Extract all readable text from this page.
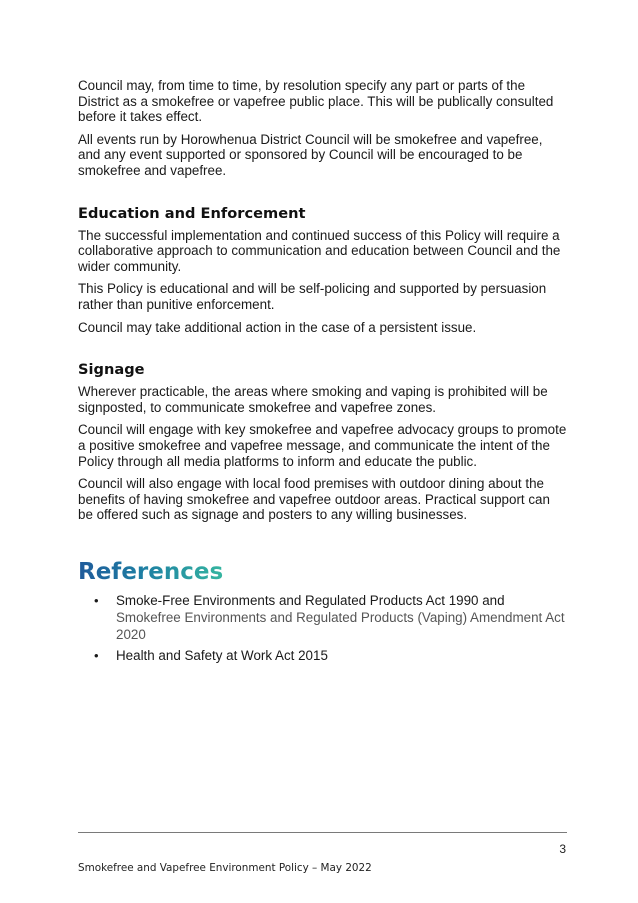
Council may, from time to time, by resolution specify any part or parts of the District as a smokefree or vapefree public place. This will be publically consulted before it takes effect.

All events run by Horowhenua District Council will be smokefree and vapefree, and any event supported or sponsored by Council will be encouraged to be smokefree and vapefree.

Education and Enforcement

The successful implementation and continued success of this Policy will require a collaborative approach to communication and education between Council and the wider community.

This Policy is educational and will be self-policing and supported by persuasion rather than punitive enforcement.

Council may take additional action in the case of a persistent issue.

Signage

Wherever practicable, the areas where smoking and vaping is prohibited will be signposted, to communicate smokefree and vapefree zones.

Council will engage with key smokefree and vapefree advocacy groups to promote a positive smokefree and vapefree message, and communicate the intent of the Policy through all media platforms to inform and educate the public.

Council will also engage with local food premises with outdoor dining about the benefits of having smokefree and vapefree outdoor areas. Practical support can be offered such as signage and posters to any willing businesses.

References
• Smoke-Free Environments and Regulated Products Act 1990 and Smokefree Environments and Regulated Products (Vaping) Amendment Act 2020
• Health and Safety at Work Act 2015
3
Smokefree and Vapefree Environment Policy – May 2022
